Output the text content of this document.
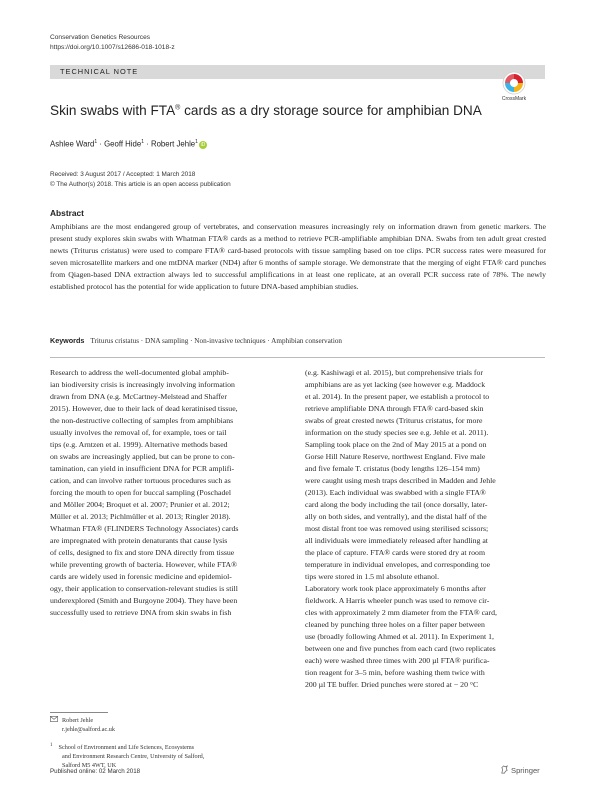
Conservation Genetics Resources
https://doi.org/10.1007/s12686-018-1018-z
TECHNICAL NOTE
CrossMark
Skin swabs with FTA® cards as a dry storage source for amphibian DNA
Ashlee Ward$^1$ · Geoff Hide$^1$ · Robert Jehle$^1$ iD
Received: 3 August 2017 / Accepted: 1 March 2018
© The Author(s) 2018. This article is an open access publication
Abstract
Amphibians are the most endangered group of vertebrates, and conservation measures increasingly rely on information drawn from genetic markers. The present study explores skin swabs with Whatman FTA® cards as a method to retrieve PCR-amplifiable amphibian DNA. Swabs from ten adult great crested newts (Triturus cristatus) were used to compare FTA® card-based protocols with tissue sampling based on toe clips. PCR success rates were measured for seven microsatellite markers and one mtDNA marker (ND4) after 6 months of sample storage. We demonstrate that the merging of eight FTA® card punches from Qiagen-based DNA extraction always led to successful amplifications in at least one replicate, at an overall PCR success rate of 78%. The newly established protocol has the potential for wide application to future DNA-based amphibian studies.
Keywords Triturus cristatus · DNA sampling · Non-invasive techniques · Amphibian conservation
Research to address the well-documented global amphib-
ian biodiversity crisis is increasingly involving information
drawn from DNA (e.g. McCartney-Melstead and Shaffer
2015). However, due to their lack of dead keratinised tissue,
the non-destructive collecting of samples from amphibians
usually involves the removal of, for example, toes or tail
tips (e.g. Arntzen et al. 1999). Alternative methods based
on swabs are increasingly applied, but can be prone to con-
tamination, can yield in insufficient DNA for PCR amplifi-
cation, and can involve rather tortuous procedures such as
forcing the mouth to open for buccal sampling (Poschadel
and Möller 2004; Broquet et al. 2007; Prunier et al. 2012;
Müller et al. 2013; Pichlmüller et al. 2013; Ringler 2018).
Whatman FTA® (FLINDERS Technology Associates) cards
are impregnated with protein denaturants that cause lysis
of cells, designed to fix and store DNA directly from tissue
while preventing growth of bacteria. However, while FTA®
cards are widely used in forensic medicine and epidemiol-
ogy, their application to conservation-relevant studies is still
underexplored (Smith and Burgoyne 2004). They have been
successfully used to retrieve DNA from skin swabs in fish
(e.g. Kashiwagi et al. 2015), but comprehensive trials for
amphibians are as yet lacking (see however e.g. Maddock
et al. 2014). In the present paper, we establish a protocol to
retrieve amplifiable DNA through FTA® card-based skin
swabs of great crested newts (Triturus cristatus, for more
information on the study species see e.g. Jehle et al. 2011).
Sampling took place on the 2nd of May 2015 at a pond on
Gorse Hill Nature Reserve, northwest England. Five male
and five female T. cristatus (body lengths 126–154 mm)
were caught using mesh traps described in Madden and Jehle
(2013). Each individual was swabbed with a single FTA®
card along the body including the tail (once dorsally, later-
ally on both sides, and ventrally), and the distal half of the
most distal front toe was removed using sterilised scissors;
all individuals were immediately released after handling at
the place of capture. FTA® cards were stored dry at room
temperature in individual envelopes, and corresponding toe
tips were stored in 1.5 ml absolute ethanol.
Laboratory work took place approximately 6 months after
fieldwork. A Harris wheeler punch was used to remove cir-
cles with approximately 2 mm diameter from the FTA® card,
cleaned by punching three holes on a filter paper between
use (broadly following Ahmed et al. 2011). In Experiment 1,
between one and five punches from each card (two replicates
each) were washed three times with 200 µl FTA® purifica-
tion reagent for 3–5 min, before washing them twice with
200 µl TE buffer. Dried punches were stored at − 20 °C
Robert Jehle
r.jehle@salford.ac.uk
$^1$ School of Environment and Life Sciences, Ecosystems
and Environment Research Centre, University of Salford,
Salford M5 4WT, UK
Published online: 02 March 2018	Springer
